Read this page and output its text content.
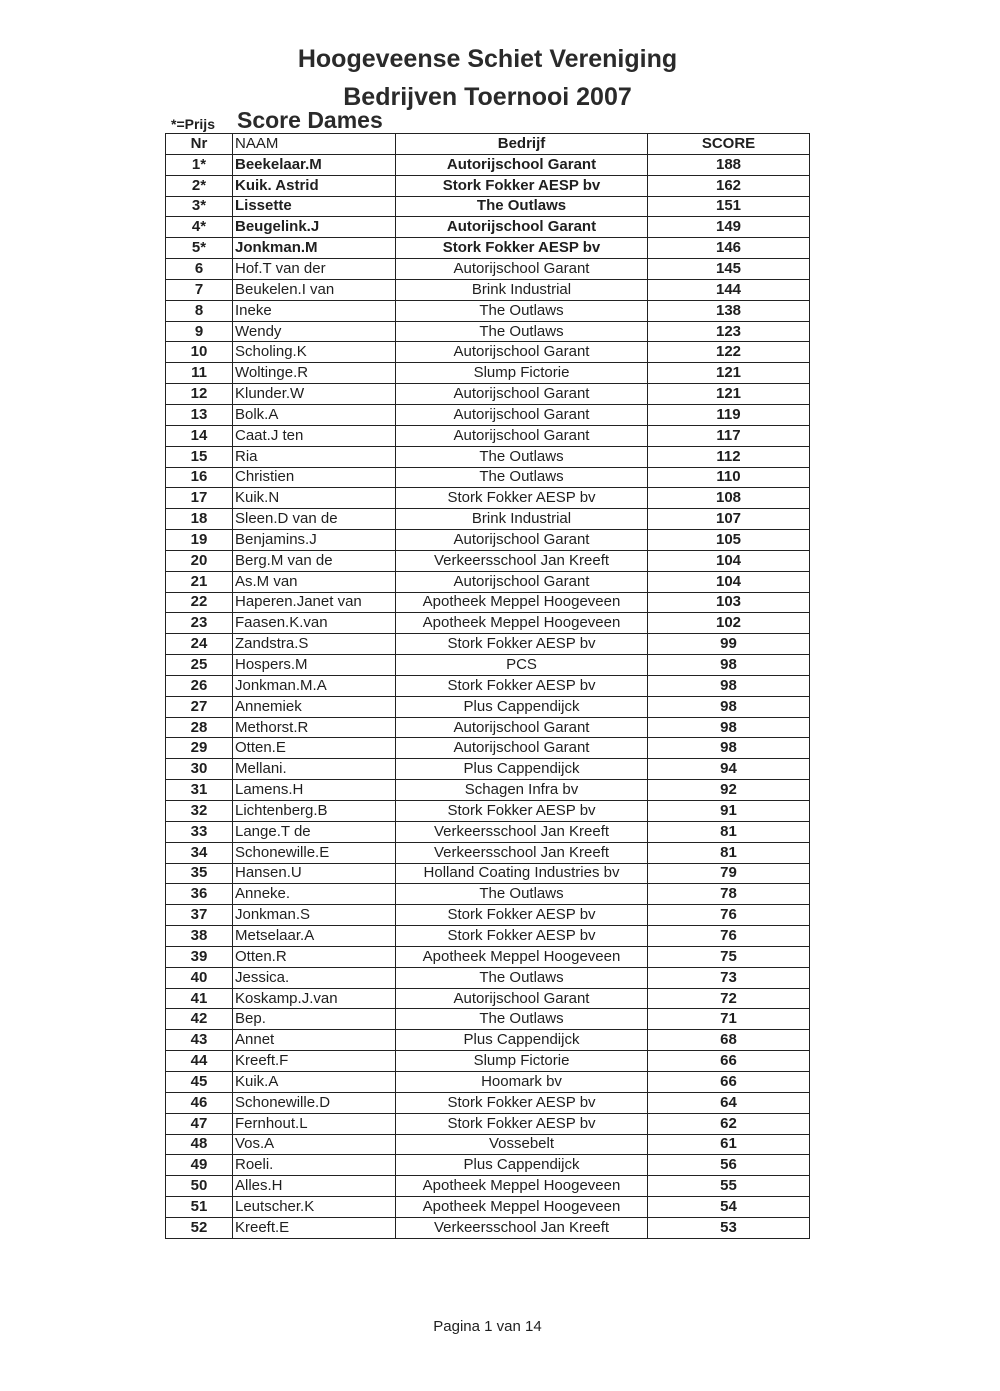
Hoogeveense Schiet Vereniging
Bedrijven Toernooi 2007
*=Prijs Score Dames
Nr	NAAM	Bedrijf	SCORE
1*	Beekelaar.M	Autorijschool Garant	188
2*	Kuik. Astrid	Stork Fokker AESP bv	162
3*	Lissette	The Outlaws	151
4*	Beugelink.J	Autorijschool Garant	149
5*	Jonkman.M	Stork Fokker AESP bv	146
6	Hof.T van der	Autorijschool Garant	145
7	Beukelen.I van	Brink Industrial	144
8	Ineke	The Outlaws	138
9	Wendy	The Outlaws	123
10	Scholing.K	Autorijschool Garant	122
11	Woltinge.R	Slump Fictorie	121
12	Klunder.W	Autorijschool Garant	121
13	Bolk.A	Autorijschool Garant	119
14	Caat.J ten	Autorijschool Garant	117
15	Ria	The Outlaws	112
16	Christien	The Outlaws	110
17	Kuik.N	Stork Fokker AESP bv	108
18	Sleen.D van de	Brink Industrial	107
19	Benjamins.J	Autorijschool Garant	105
20	Berg.M van de	Verkeersschool Jan Kreeft	104
21	As.M van	Autorijschool Garant	104
22	Haperen.Janet van	Apotheek Meppel Hoogeveen	103
23	Faasen.K.van	Apotheek Meppel Hoogeveen	102
24	Zandstra.S	Stork Fokker AESP bv	99
25	Hospers.M	PCS	98
26	Jonkman.M.A	Stork Fokker AESP bv	98
27	Annemiek	Plus Cappendijck	98
28	Methorst.R	Autorijschool Garant	98
29	Otten.E	Autorijschool Garant	98
30	Mellani.	Plus Cappendijck	94
31	Lamens.H	Schagen Infra bv	92
32	Lichtenberg.B	Stork Fokker AESP bv	91
33	Lange.T de	Verkeersschool Jan Kreeft	81
34	Schonewille.E	Verkeersschool Jan Kreeft	81
35	Hansen.U	Holland Coating Industries bv	79
36	Anneke.	The Outlaws	78
37	Jonkman.S	Stork Fokker AESP bv	76
38	Metselaar.A	Stork Fokker AESP bv	76
39	Otten.R	Apotheek Meppel Hoogeveen	75
40	Jessica.	The Outlaws	73
41	Koskamp.J.van	Autorijschool Garant	72
42	Bep.	The Outlaws	71
43	Annet	Plus Cappendijck	68
44	Kreeft.F	Slump Fictorie	66
45	Kuik.A	Hoomark bv	66
46	Schonewille.D	Stork Fokker AESP bv	64
47	Fernhout.L	Stork Fokker AESP bv	62
48	Vos.A	Vossebelt	61
49	Roeli.	Plus Cappendijck	56
50	Alles.H	Apotheek Meppel Hoogeveen	55
51	Leutscher.K	Apotheek Meppel Hoogeveen	54
52	Kreeft.E	Verkeersschool Jan Kreeft	53
Pagina 1 van 14
